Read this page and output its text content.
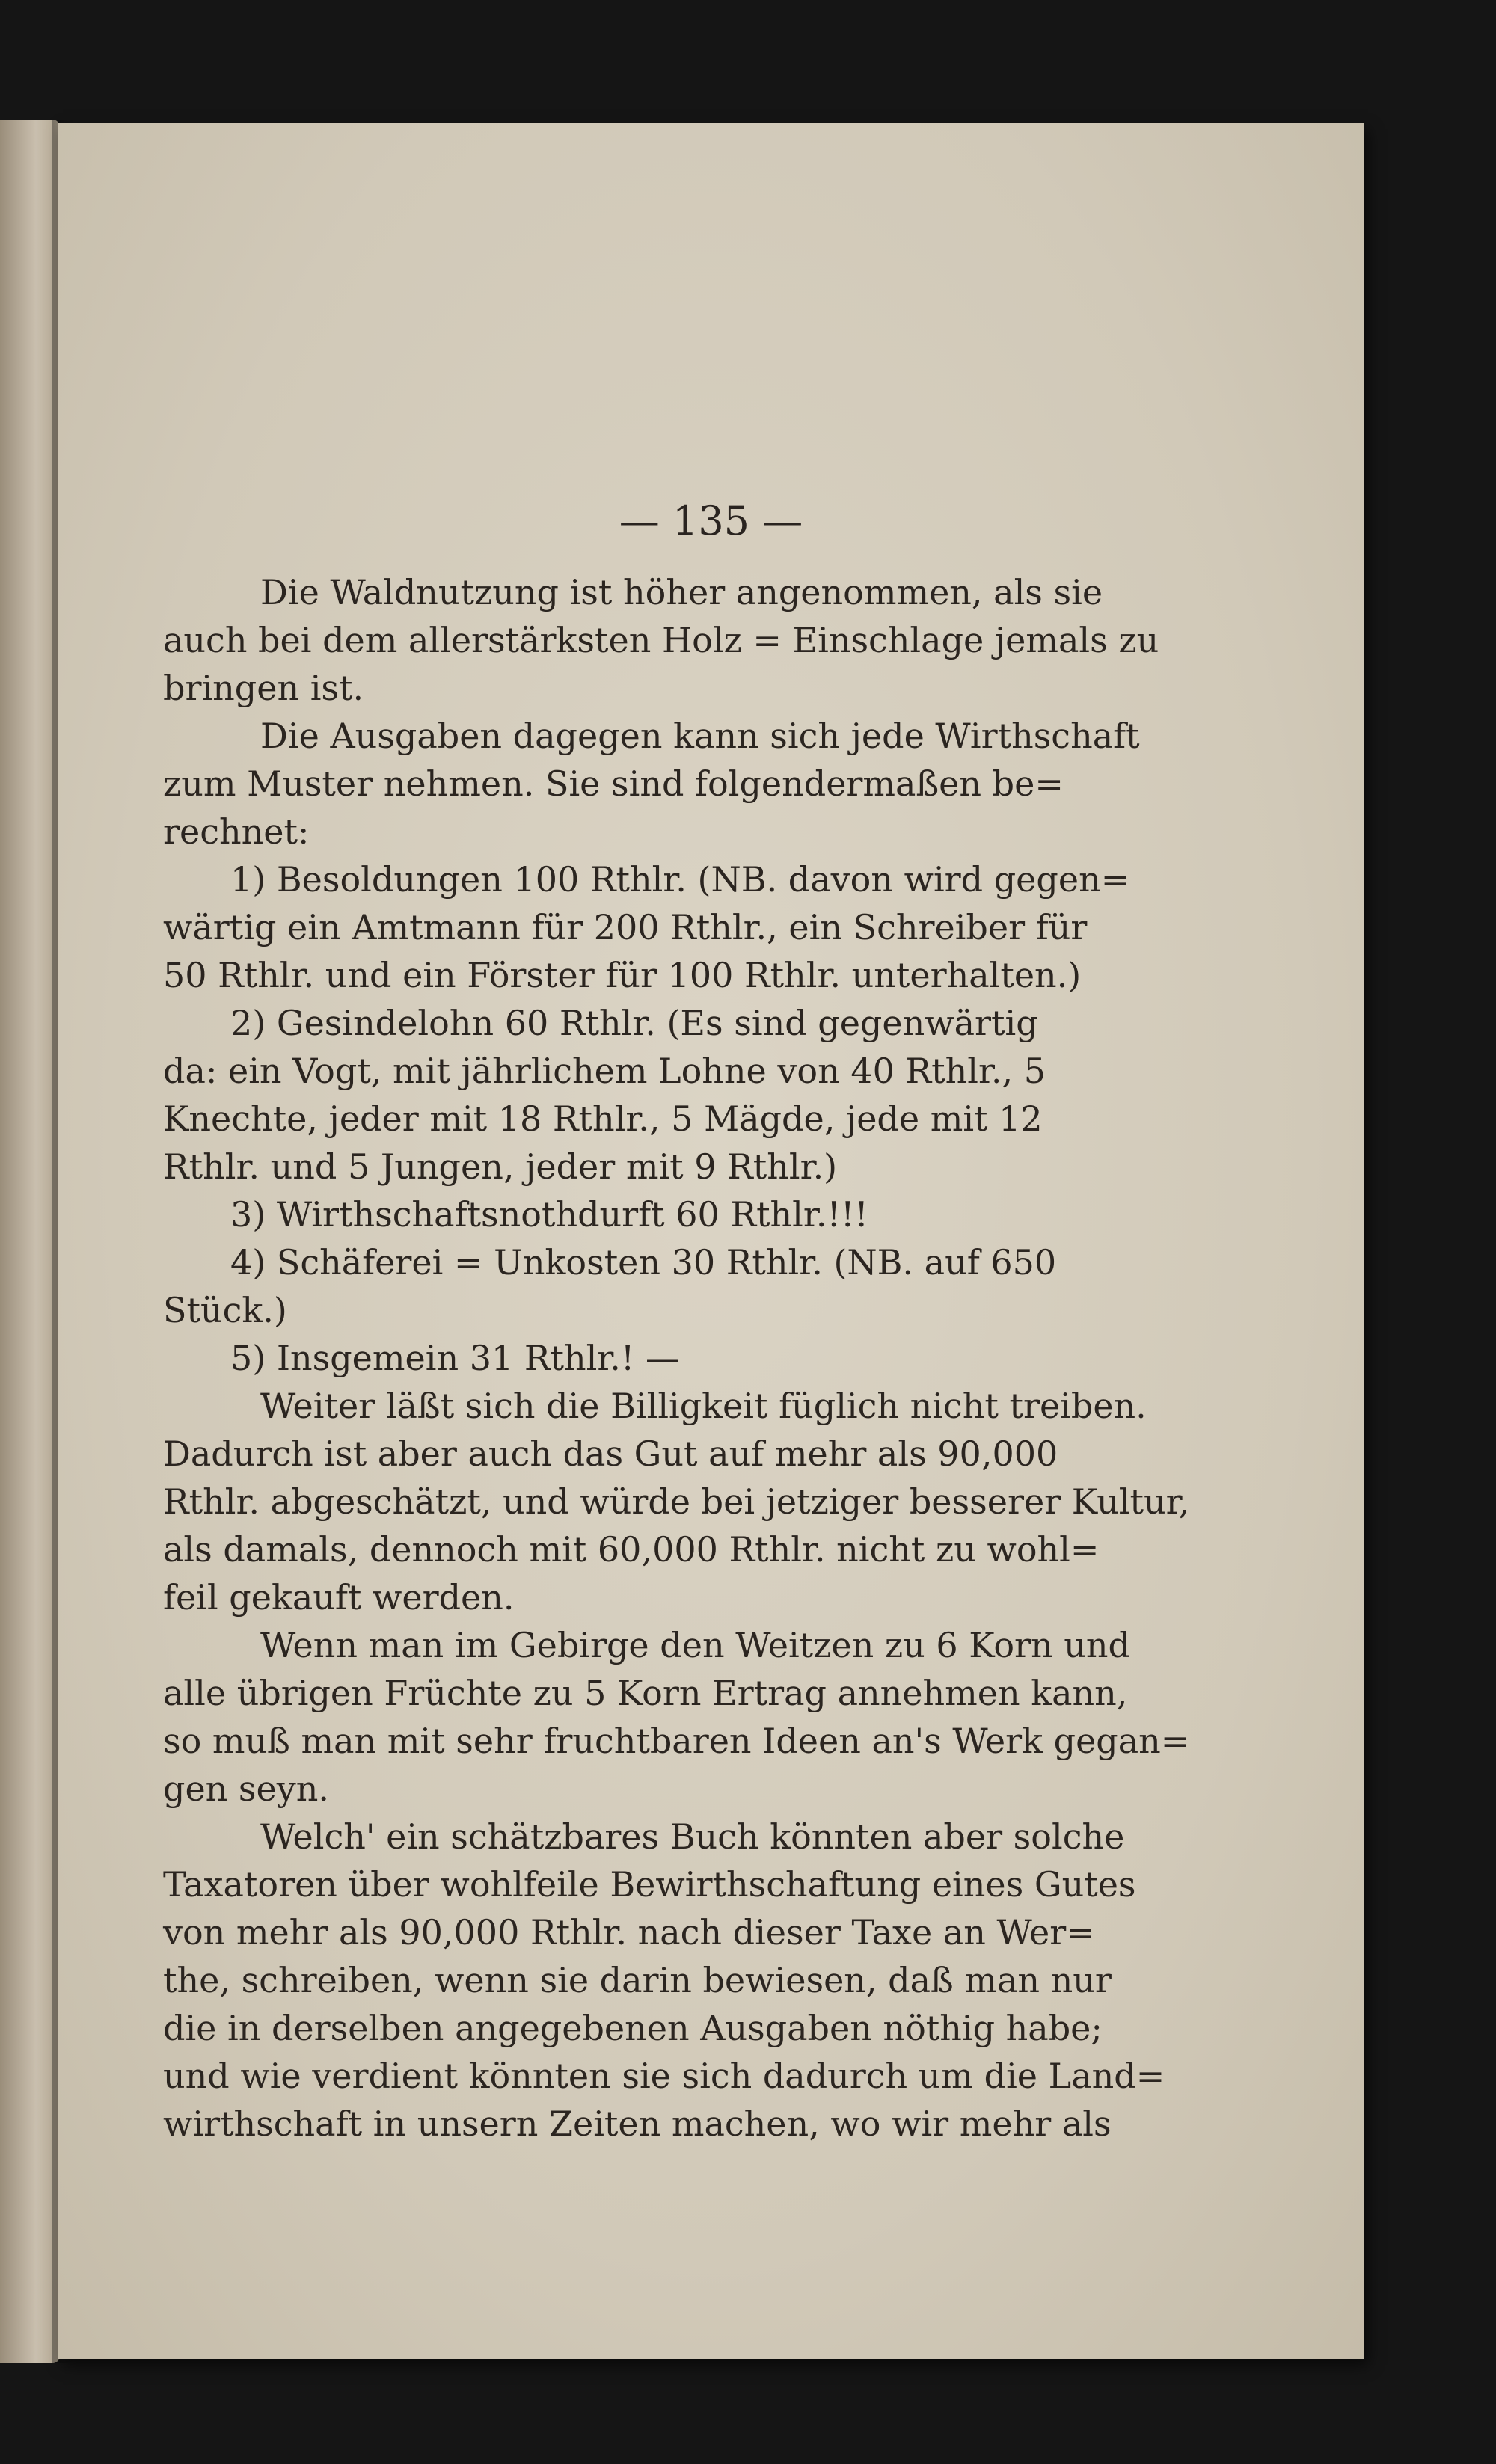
— 135 —
Die Waldnutzung ist höher angenommen, als sie
auch bei dem allerstärksten Holz = Einschlage jemals zu
bringen ist.
Die Ausgaben dagegen kann sich jede Wirthschaft
zum Muster nehmen. Sie sind folgendermaßen be=
rechnet:
1) Besoldungen 100 Rthlr. (NB. davon wird gegen=
wärtig ein Amtmann für 200 Rthlr., ein Schreiber für
50 Rthlr. und ein Förster für 100 Rthlr. unterhalten.)
2) Gesindelohn 60 Rthlr. (Es sind gegenwärtig
da: ein Vogt, mit jährlichem Lohne von 40 Rthlr., 5
Knechte, jeder mit 18 Rthlr., 5 Mägde, jede mit 12
Rthlr. und 5 Jungen, jeder mit 9 Rthlr.)
3) Wirthschaftsnothdurft 60 Rthlr.!!!
4) Schäferei = Unkosten 30 Rthlr. (NB. auf 650
Stück.)
5) Insgemein 31 Rthlr.! —
Weiter läßt sich die Billigkeit füglich nicht treiben.
Dadurch ist aber auch das Gut auf mehr als 90,000
Rthlr. abgeschätzt, und würde bei jetziger besserer Kultur,
als damals, dennoch mit 60,000 Rthlr. nicht zu wohl=
feil gekauft werden.
Wenn man im Gebirge den Weitzen zu 6 Korn und
alle übrigen Früchte zu 5 Korn Ertrag annehmen kann,
so muß man mit sehr fruchtbaren Ideen an's Werk gegan=
gen seyn.
Welch' ein schätzbares Buch könnten aber solche
Taxatoren über wohlfeile Bewirthschaftung eines Gutes
von mehr als 90,000 Rthlr. nach dieser Taxe an Wer=
the, schreiben, wenn sie darin bewiesen, daß man nur
die in derselben angegebenen Ausgaben nöthig habe;
und wie verdient könnten sie sich dadurch um die Land=
wirthschaft in unsern Zeiten machen, wo wir mehr als
